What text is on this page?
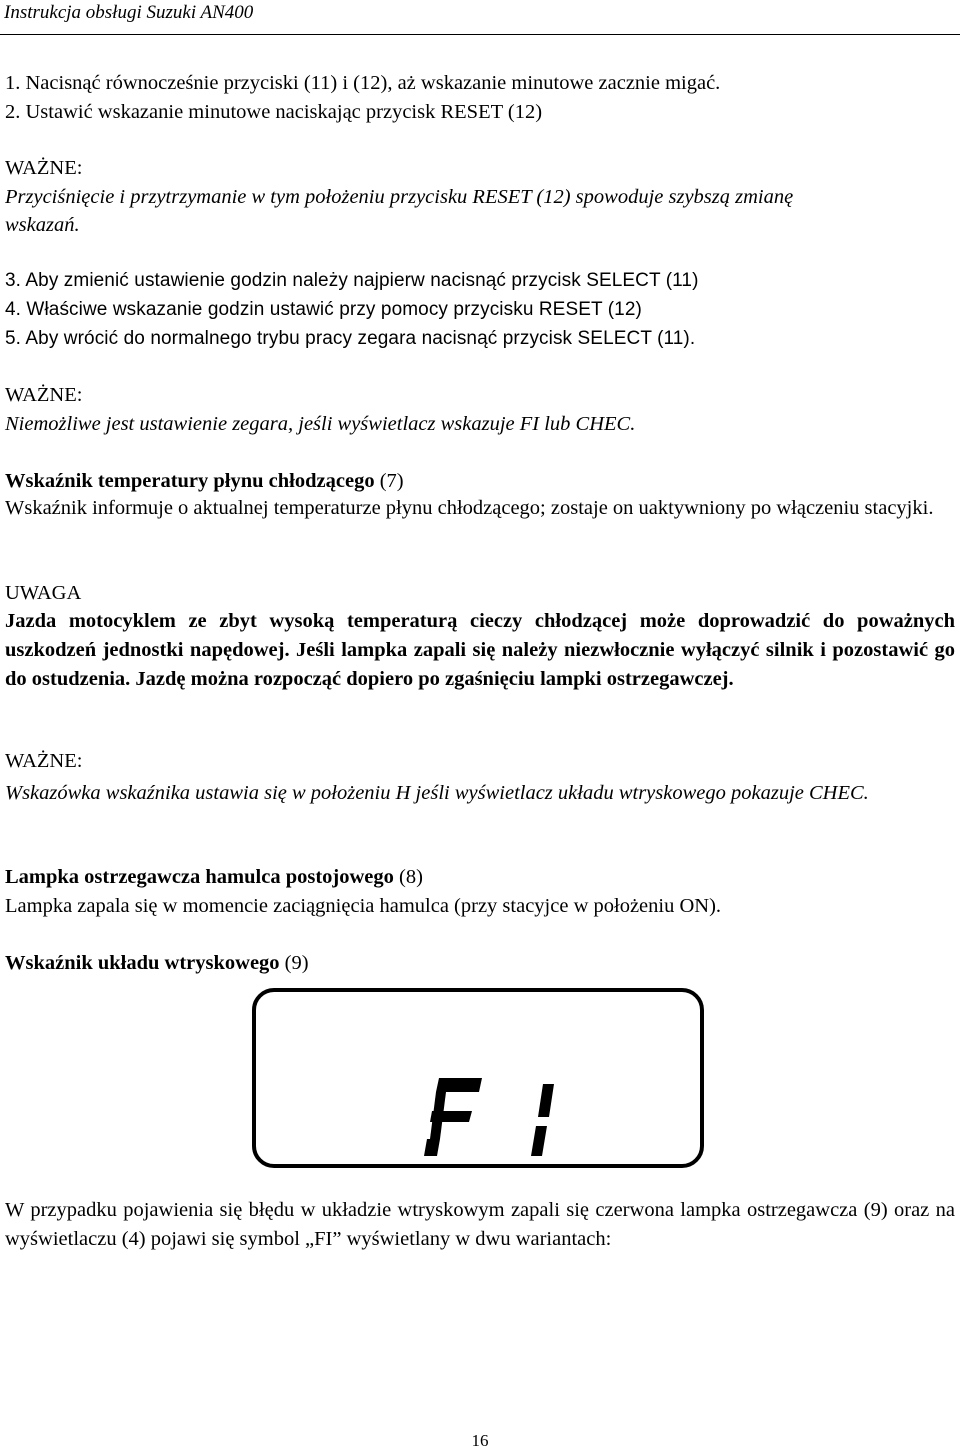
Instrukcja obsługi Suzuki AN400
1. Nacisnąć równocześnie przyciski (11) i (12), aż wskazanie minutowe zacznie migać.
2. Ustawić wskazanie minutowe naciskając przycisk RESET (12)
WAŻNE:
Przyciśnięcie i przytrzymanie w tym położeniu przycisku RESET (12) spowoduje szybszą zmianę
wskazań.
3. Aby zmienić ustawienie godzin należy najpierw nacisnąć przycisk SELECT (11)
4. Właściwe wskazanie godzin ustawić przy pomocy przycisku RESET (12)
5. Aby wrócić do normalnego trybu pracy zegara nacisnąć przycisk SELECT (11).
WAŻNE:
Niemożliwe jest ustawienie zegara, jeśli wyświetlacz wskazuje FI lub CHEC.
Wskaźnik temperatury płynu chłodzącego (7)
Wskaźnik informuje o aktualnej temperaturze płynu chłodzącego; zostaje on uaktywniony po włączeniu stacyjki.
UWAGA
Jazda motocyklem ze zbyt wysoką temperaturą cieczy chłodzącej może doprowadzić do poważnych uszkodzeń jednostki napędowej. Jeśli lampka zapali się należy niezwłocznie wyłączyć silnik i pozostawić go do ostudzenia. Jazdę można rozpocząć dopiero po zgaśnięciu lampki ostrzegawczej.
WAŻNE:
Wskazówka wskaźnika ustawia się w położeniu H jeśli wyświetlacz układu wtryskowego pokazuje CHEC.
Lampka ostrzegawcza hamulca postojowego (8)
Lampka zapala się w momencie zaciągnięcia hamulca (przy stacyjce w położeniu ON).
Wskaźnik układu wtryskowego (9)
W przypadku pojawienia się błędu w układzie wtryskowym zapali się czerwona lampka ostrzegawcza (9) oraz na wyświetlaczu (4) pojawi się symbol „FI” wyświetlany w dwu wariantach:
16
